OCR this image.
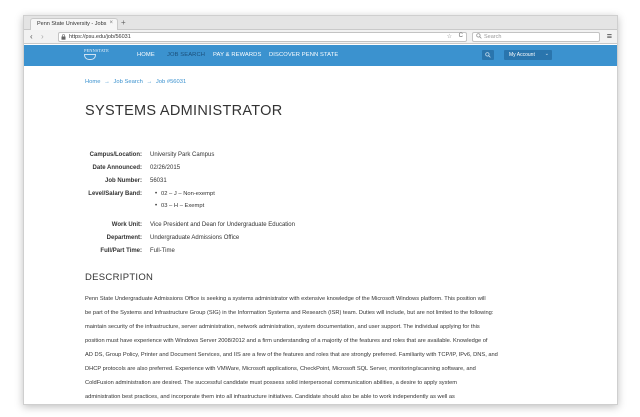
Penn State University - Jobs × +
‹ ›	https://psu.edu/job/56031	☆ C	Search	≡
PENNSTATE
HOME JOB SEARCH PAY & REWARDS DISCOVER PENN STATE	My Account ⌄
Home → Job Search → Job #56031
SYSTEMS ADMINISTRATOR
Campus/Location: University Park Campus
Date Announced: 02/26/2015
Job Number: 56031
Level/Salary Band: • 02 – J – Non-exempt
• 03 – H – Exempt
Work Unit: Vice President and Dean for Undergraduate Education
Department: Undergraduate Admissions Office
Full/Part Time: Full-Time
DESCRIPTION
Penn State Undergraduate Admissions Office is seeking a systems administrator with extensive knowledge of the Microsoft Windows platform. This position will
be part of the Systems and Infrastructure Group (SIG) in the Information Systems and Research (ISR) team. Duties will include, but are not limited to the following:
maintain security of the infrastructure, server administration, network administration, system documentation, and user support. The individual applying for this
position must have experience with Windows Server 2008/2012 and a firm understanding of a majority of the features and roles that are available. Knowledge of
AD DS, Group Policy, Printer and Document Services, and IIS are a few of the features and roles that are strongly preferred. Familiarity with TCP/IP, IPv6, DNS, and
DHCP protocols are also preferred. Experience with VMWare, Microsoft applications, CheckPoint, Microsoft SQL Server, monitoring/scanning software, and
ColdFusion administration are desired. The successful candidate must possess solid interpersonal communication abilities, a desire to apply system
administration best practices, and incorporate them into all infrastructure initiatives. Candidate should also be able to work independently as well as
